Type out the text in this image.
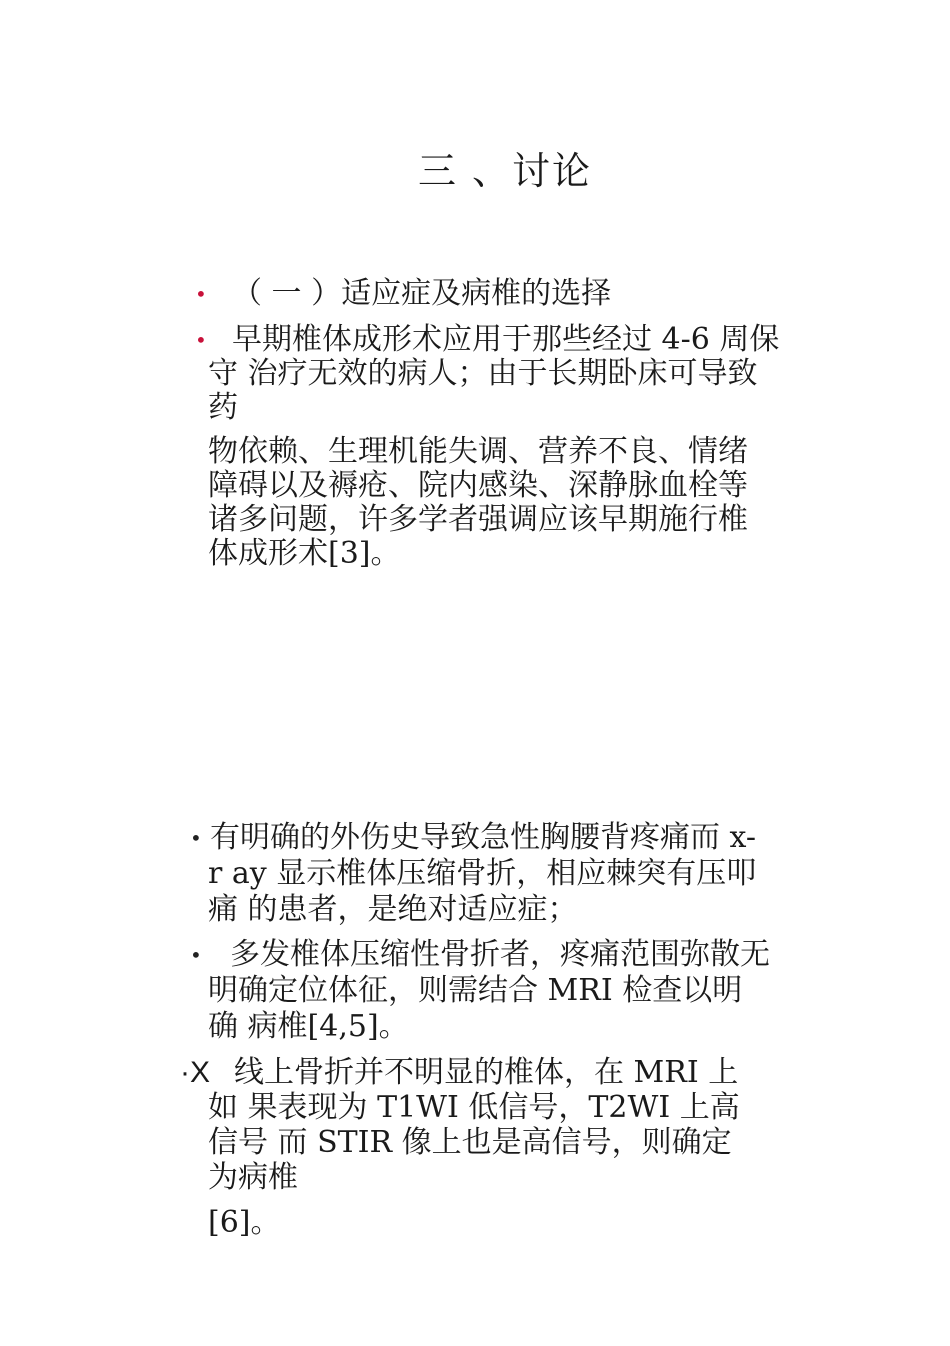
三 、讨论
• （ 一 ）适应症及病椎的选择
• 早期椎体成形术应用于那些经过 4-6 周保
守 治疗无效的病人；由于长期卧床可导致
药
物依赖、生理机能失调、营养不良、情绪
障碍以及褥疮、院内感染、深静脉血栓等
诸多问题，许多学者强调应该早期施行椎
体成形术[3]。
• 有明确的外伤史导致急性胸腰背疼痛而 x-
r ay 显示椎体压缩骨折，相应棘突有压叩
痛 的患者，是绝对适应症；
• 多发椎体压缩性骨折者，疼痛范围弥散无
明确定位体征，则需结合 MRI 检查以明
确 病椎[4,5]。
·X 线上骨折并不明显的椎体，在 MRI 上
如 果表现为 T1WI 低信号，T2WI 上高
信号 而 STIR 像上也是高信号，则确定
为病椎
[6]。
